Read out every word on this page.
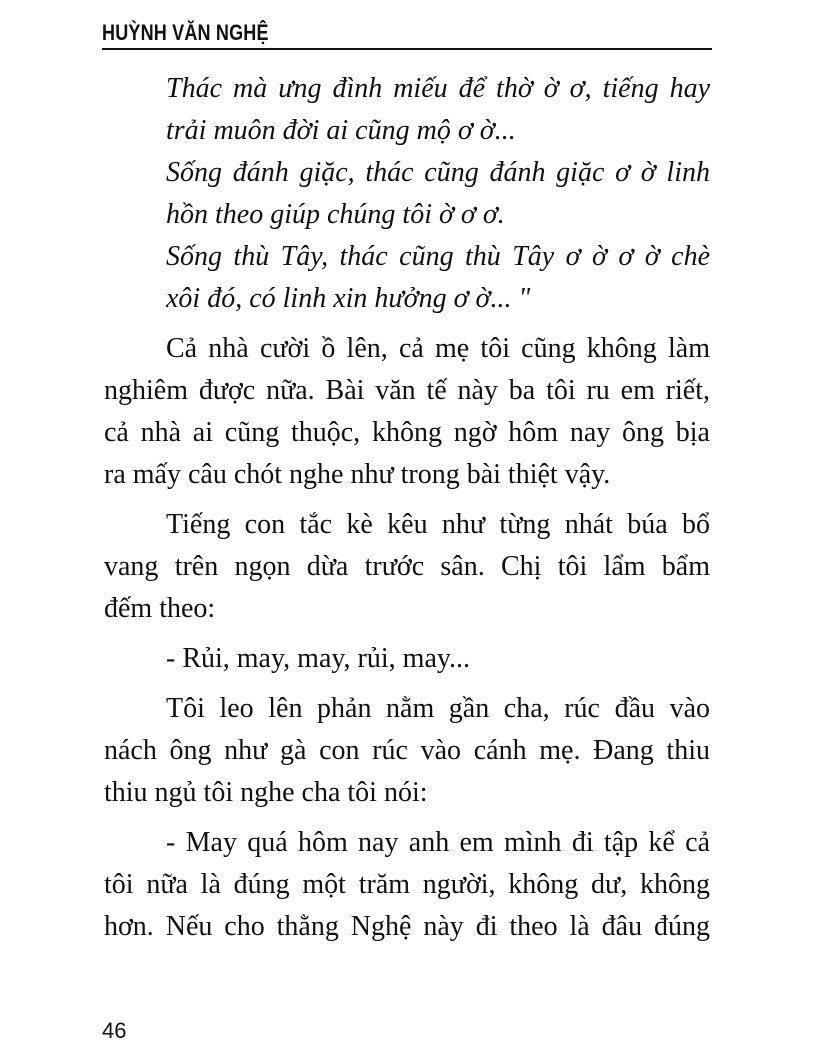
HUỲNH VĂN NGHỆ
Thác mà ưng đình miếu để thờ ờ ơ, tiếng hay
trải muôn đời ai cũng mộ ơ ờ...
Sống đánh giặc, thác cũng đánh giặc ơ ờ linh
hồn theo giúp chúng tôi ờ ơ ơ.
Sống thù Tây, thác cũng thù Tây ơ ờ ơ ờ chè
xôi đó, có linh xin hưởng ơ ờ... "
Cả nhà cười ồ lên, cả mẹ tôi cũng không làm
nghiêm được nữa. Bài văn tế này ba tôi ru em riết,
cả nhà ai cũng thuộc, không ngờ hôm nay ông bịa
ra mấy câu chót nghe như trong bài thiệt vậy.
Tiếng con tắc kè kêu như từng nhát búa bổ
vang trên ngọn dừa trước sân. Chị tôi lẩm bẩm
đếm theo:
- Rủi, may, may, rủi, may...
Tôi leo lên phản nằm gần cha, rúc đầu vào
nách ông như gà con rúc vào cánh mẹ. Đang thiu
thiu ngủ tôi nghe cha tôi nói:
- May quá hôm nay anh em mình đi tập kể cả
tôi nữa là đúng một trăm người, không dư, không
hơn. Nếu cho thằng Nghệ này đi theo là đâu đúng
46
